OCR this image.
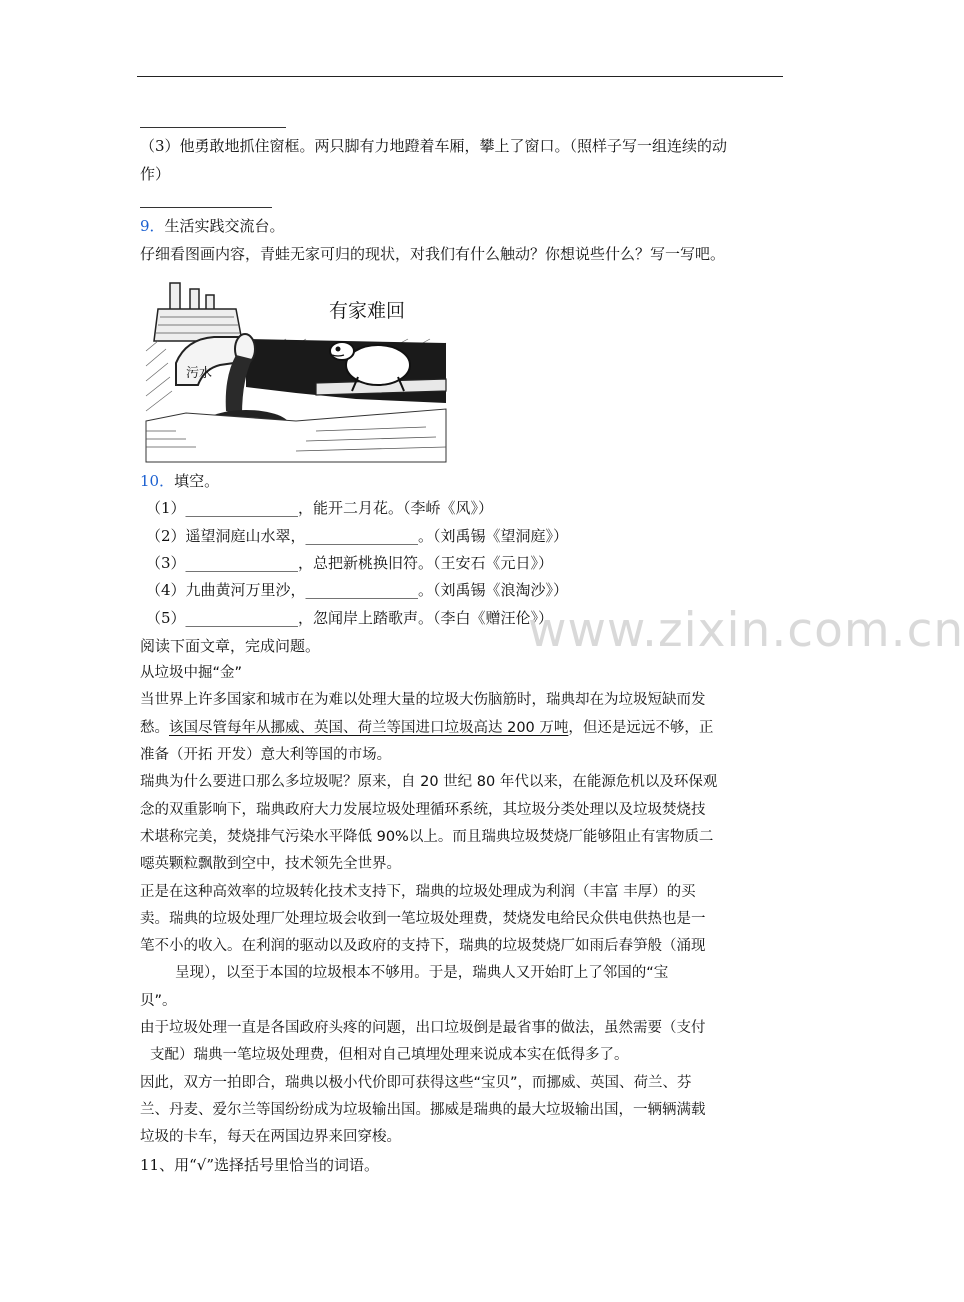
（3）他勇敢地抓住窗框。两只脚有力地蹬着车厢，攀上了窗口。（照样子写一组连续的动
作）
9．生活实践交流台。
仔细看图画内容，青蛙无家可归的现状，对我们有什么触动？你想说些什么？写一写吧。
污水
有家难回
10．填空。
（1）_______________，能开二月花。（李峤《风》）
（2）遥望洞庭山水翠，_______________。（刘禹锡《望洞庭》）
（3）_______________，总把新桃换旧符。（王安石《元日》）
（4）九曲黄河万里沙，_______________。（刘禹锡《浪淘沙》）
（5）_______________，忽闻岸上踏歌声。（李白《赠汪伦》）
www.zixin.com.cn
阅读下面文章，完成问题。
从垃圾中掘“金”
当世界上许多国家和城市在为难以处理大量的垃圾大伤脑筋时，瑞典却在为垃圾短缺而发
愁。该国尽管每年从挪威、英国、荷兰等国进口垃圾高达 200 万吨，但还是远远不够，正
准备（开拓 开发）意大利等国的市场。
瑞典为什么要进口那么多垃圾呢？原来，自 20 世纪 80 年代以来，在能源危机以及环保观
念的双重影响下，瑞典政府大力发展垃圾处理循环系统，其垃圾分类处理以及垃圾焚烧技
术堪称完美，焚烧排气污染水平降低 90%以上。而且瑞典垃圾焚烧厂能够阻止有害物质二
噁英颗粒飘散到空中，技术领先全世界。
正是在这种高效率的垃圾转化技术支持下，瑞典的垃圾处理成为利润（丰富 丰厚）的买
卖。瑞典的垃圾处理厂处理垃圾会收到一笔垃圾处理费，焚烧发电给民众供电供热也是一
笔不小的收入。在利润的驱动以及政府的支持下，瑞典的垃圾焚烧厂如雨后春笋般（涌现
呈现），以至于本国的垃圾根本不够用。于是，瑞典人又开始盯上了邻国的“宝
贝”。
由于垃圾处理一直是各国政府头疼的问题，出口垃圾倒是最省事的做法，虽然需要（支付
支配）瑞典一笔垃圾处理费，但相对自己填埋处理来说成本实在低得多了。
因此，双方一拍即合，瑞典以极小代价即可获得这些“宝贝”，而挪威、英国、荷兰、芬
兰、丹麦、爱尔兰等国纷纷成为垃圾输出国。挪威是瑞典的最大垃圾输出国，一辆辆满载
垃圾的卡车，每天在两国边界来回穿梭。
11、用“√”选择括号里恰当的词语。
